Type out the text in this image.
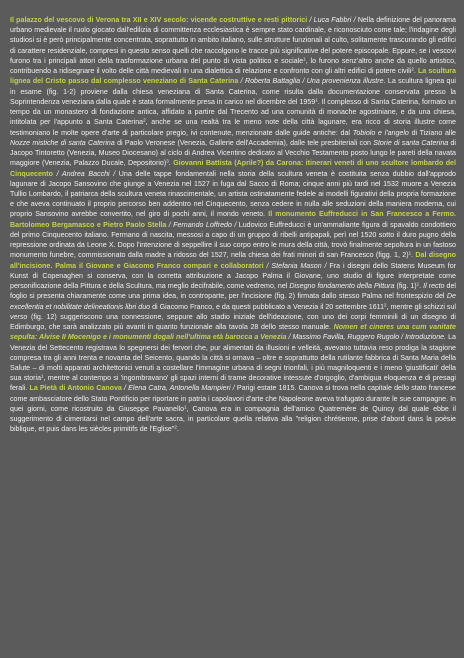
Il palazzo del vescovo di Verona tra XII e XIV secolo: vicende costruttive e resti pittorici / Luca Fabbri / Nella definizione del panorama urbano medievale il ruolo giocato dall'edilizia di committenza ecclesiastica è sempre stato cardinale, e riconosciuto come tale; l'indagine degli studiosi si è però principalmente concentrata, soprattutto in ambito italiano, sulle strutture funzionali al culto, solitamente trascurando gli edifici di carattere residenziale, compresi in questo senso quelli che raccolgono le tracce più significative del potere episcopale. Eppure, se i vescovi furono tra i principali attori della trasformazione urbana del punto di vista politico e sociale$^1$, lo furono senz'altro anche da quello artistico, contribuendo a ridisegnare il volto delle città medievali in una dialettica di relazione e confronto con gli altri edifici di potere civili$^2$. La scultura lignea del Cristo passo dal complesso veneziano di Santa Caterina / Roberta Battaglia / Una provenienza illustre. La scultura lignea qui in esame (fig. 1-2) proviene dalla chiesa veneziana di Santa Caterina, come risulta dalla documentazione conservata presso la Soprintendenza veneziana dalla quale è stata formalmente presa in carico nel dicembre del 1959$^1$. Il complesso di Santa Caterina, formato un tempo da un monastero di fondazione antica, affidato a partire dal Trecento ad una comunità di monache agostiniane, e da una chiesa, intitolata per l'appunto a Santa Caterina$^2$, anche se una realtà tra le meno note della città lagunare, era ricco di storia illustre come testimoniano le molte opere d'arte di particolare pregio, ivi contenute, menzionate dalle guide antiche: dal Tobiolo e l'angelo di Tiziano alle Nozze mistiche di santa Caterina di Paolo Veronese (Venezia, Gallerie dell'Accademia), dalle tele presbiteriali con Storie di santa Caterina di Jacopo Tintoretto (Venezia, Museo Diocesano) al ciclo di Andrea Vicentino dedicato al Vecchio Testamento posto lungo le pareti della navata maggiore (Venezia, Palazzo Ducale, Depositorio)$^3$. Giovanni Battista (Aprile?) da Carona: itinerari veneti di uno scultore lombardo del Cinquecento / Andrea Bacchi / Una delle tappe fondamentali nella storia della scultura veneta è costituita senza dubbio dall'approdo lagunare di Jacopo Sansovino che giunge a Venezia nel 1527 in fuga dal Sacco di Roma; cinque anni più tardi nel 1532 muore a Venezia Tullio Lombardo, il patriarca della scultura veneta rinascimentale, un artista ostinatamente fedele ai modelli figurativi della propria formazione e che aveva continuato il proprio percorso ben addentro nel Cinquecento, senza cedere in nulla alle seduzioni della maniera moderna, cui proprio Sansovino avrebbe convertito, nel giro di pochi anni, il mondo veneto. Il monumento Euffreducci in San Francesco a Fermo. Bartolomeo Bergamasco e Pietro Paolo Stella / Fernando Loffredo / Ludovico Euffreducci è un'ammaliante figura di spavaldo condottiero del primo Cinquecento italiano. Fermano di nascita, messosi a capo di un gruppo di ribelli antipapali, perì nel 1520 sotto il duro pugno della repressione ordinata da Leone X. Dopo l'intenzione di seppellire il suo corpo entro le mura della città, trovò finalmente sepoltura in un fastoso monumento funebre, commissionato dalla madre a ridosso del 1527, nella chiesa dei frati minori di san Francesco (figg. 1, 2)$^1$. Dal disegno all'incisione. Palma il Giovane e Giacomo Franco compari e collaboratori / Stefania Mason / Fra i disegni dello Statens Museum for Kunst di Copenaghen si conserva, con la corretta attribuzione a Jacopo Palma il Giovane, uno studio di figure interpretate come personificazione della Pittura e della Scultura, ma meglio decifrabile, come vedremo, nel Disegno fondamento della Pittura (fig. 1)$^1$. Il recto del foglio si presenta chiaramente come una prima idea, in controparte, per l'incisione (fig. 2) firmata dallo stesso Palma nel frontespizio del De excellentia et nobilitate delineationis libri duo di Giacomo Franco, e da questi pubblicato a Venezia il 20 settembre 1611$^2$, mentre gli schizzi sul verso (fig. 12) suggeriscono una connessione, seppure allo stadio iniziale dell'ideazione, con uno dei corpi femminili di un disegno di Edimburgo, che sarà analizzato più avanti in quanto funzionale alla tavola 28 dello stesso manuale. Nomen et cineres una cum vanitate sepulta: Alvise II Mocenigo e i monumenti dogali nell'ultima età barocca a Venezia / Massimo Favilla, Ruggero Rugolo / Introduzione. La Venezia del Settecento registrava lo spegnersi dei fervori che, pur alimentati da illusioni e velleità, avevano tuttavia reso prodiga la stagione compresa tra gli anni trenta e novanta del Seicento, quando la città si ornava – oltre e soprattutto della rutilante fabbrica di Santa Maria della Salute – di molti apparati architettonici venuti a costellare l'immagine urbana di segni trionfali, i più magniloquenti e i meno 'giustificati' della sua storia$^1$, mentre al contempo si 'ingombravano' gli spazi interni di trame decorative intessute d'orgoglio, d'ambigua eloquenza e di presagi ferali. La Pietà di Antonio Canova / Elena Catra, Antonella Mampieri / Parigi estate 1815. Canova si trova nella capitale dello stato francese come ambasciatore dello Stato Pontificio per riportare in patria i capolavori d'arte che Napoleone aveva trafugato durante le sue campagne. In quei giorni, come ricostruito da Giuseppe Pavanello$^1$, Canova era in compagnia dell'amico Quatremère de Quincy dal quale ebbe il suggerimento di cimentarsi nel campo dell'arte sacra, in particolare quella relativa alla "religion chrétienne, prise d'abord dans la poèsie biblique, et puis dans les siècles primitifs de l'Eglise"$^2$.
